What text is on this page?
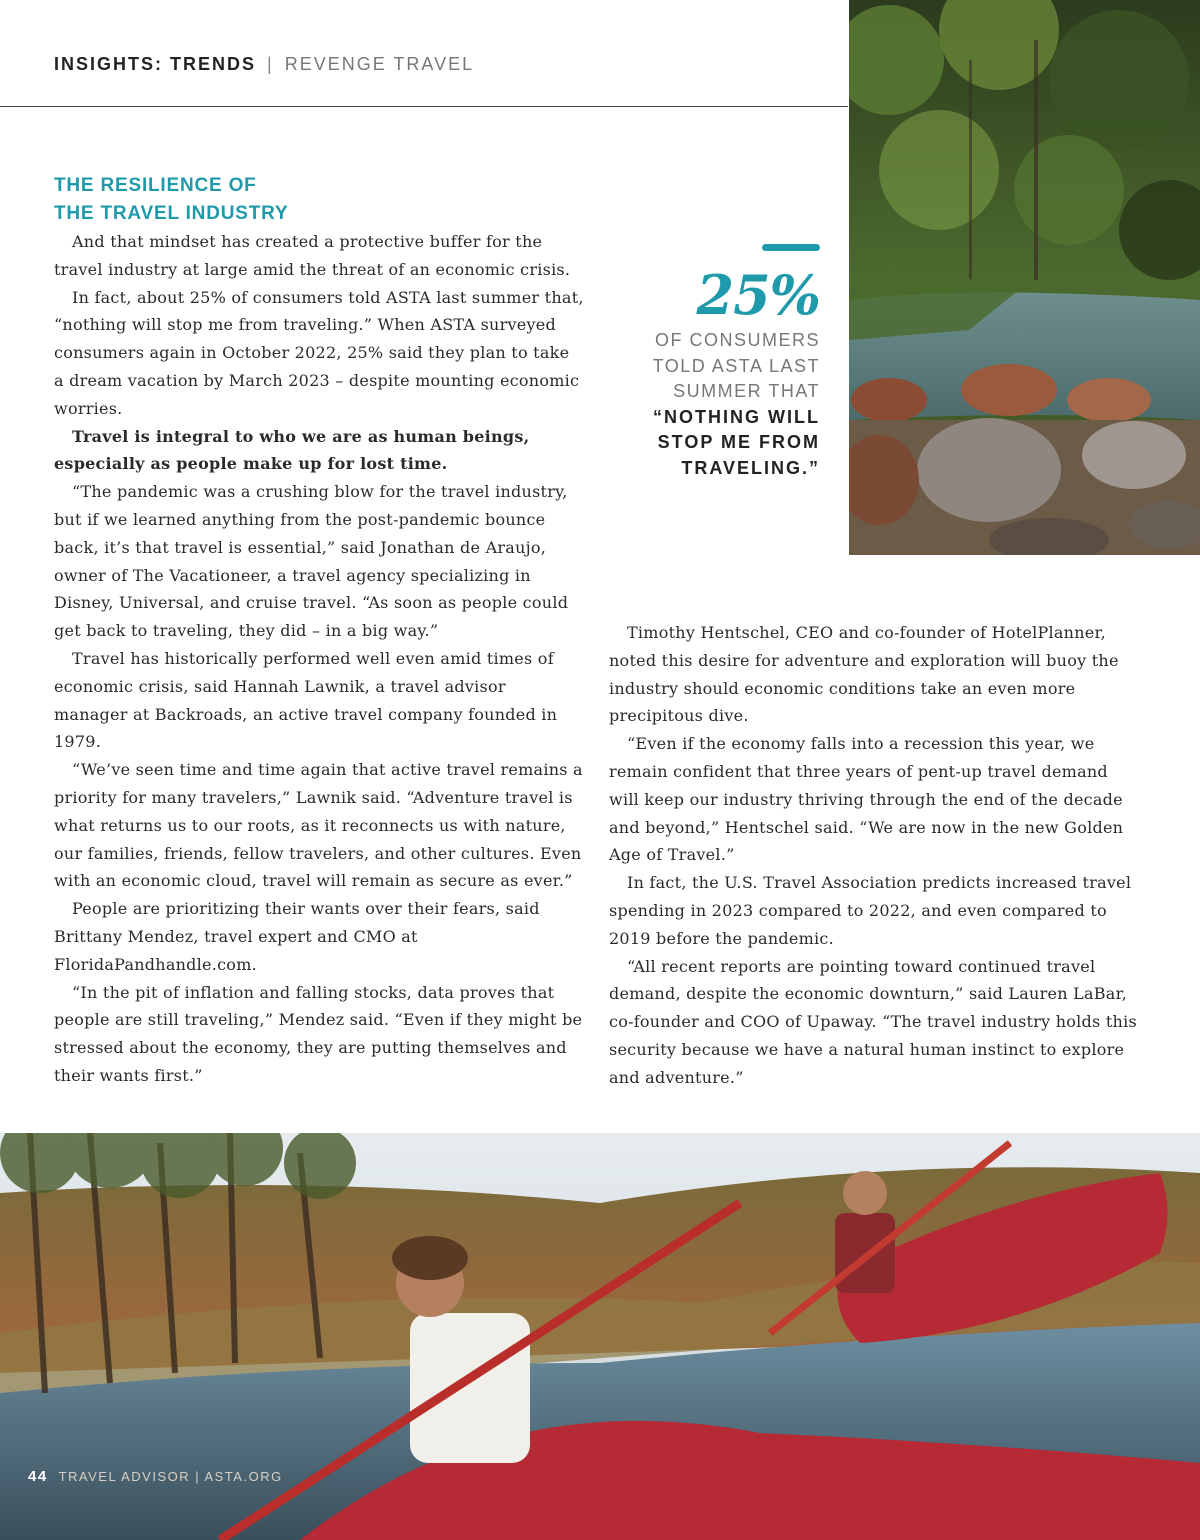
INSIGHTS: TRENDS | REVENGE TRAVEL
25%
OF CONSUMERS
TOLD ASTA LAST
SUMMER THAT
“NOTHING WILL
STOP ME FROM
TRAVELING.”
THE RESILIENCE OF
THE TRAVEL INDUSTRY

And that mindset has created a protective buffer for the travel industry at large amid the threat of an economic crisis.

In fact, about 25% of consumers told ASTA last summer that, “nothing will stop me from traveling.” When ASTA surveyed consumers again in October 2022, 25% said they plan to take a dream vacation by March 2023 – despite mounting economic worries.

Travel is integral to who we are as human beings, especially as people make up for lost time.

“The pandemic was a crushing blow for the travel industry, but if we learned anything from the post-pandemic bounce back, it’s that travel is essential,” said Jonathan de Araujo, owner of The Vacationeer, a travel agency specializing in Disney, Universal, and cruise travel. “As soon as people could get back to traveling, they did – in a big way.”

Travel has historically performed well even amid times of economic crisis, said Hannah Lawnik, a travel advisor manager at Backroads, an active travel company founded in 1979.

“We’ve seen time and time again that active travel remains a priority for many travelers,” Lawnik said. “Adventure travel is what returns us to our roots, as it reconnects us with nature, our families, friends, fellow travelers, and other cultures. Even with an economic cloud, travel will remain as secure as ever.”

People are prioritizing their wants over their fears, said Brittany Mendez, travel expert and CMO at FloridaPandhandle.com.

“In the pit of inflation and falling stocks, data proves that people are still traveling,” Mendez said. “Even if they might be stressed about the economy, they are putting themselves and their wants first.”

Timothy Hentschel, CEO and co-founder of HotelPlanner, noted this desire for adventure and exploration will buoy the industry should economic conditions take an even more precipitous dive.

“Even if the economy falls into a recession this year, we remain confident that three years of pent-up travel demand will keep our industry thriving through the end of the decade and beyond,” Hentschel said. “We are now in the new Golden Age of Travel.”

In fact, the U.S. Travel Association predicts increased travel spending in 2023 compared to 2022, and even compared to 2019 before the pandemic.

“All recent reports are pointing toward continued travel demand, despite the economic downturn,” said Lauren LaBar, co-founder and COO of Upaway. “The travel industry holds this security because we have a natural human instinct to explore and adventure.”

44 TRAVEL ADVISOR | ASTA.ORG
